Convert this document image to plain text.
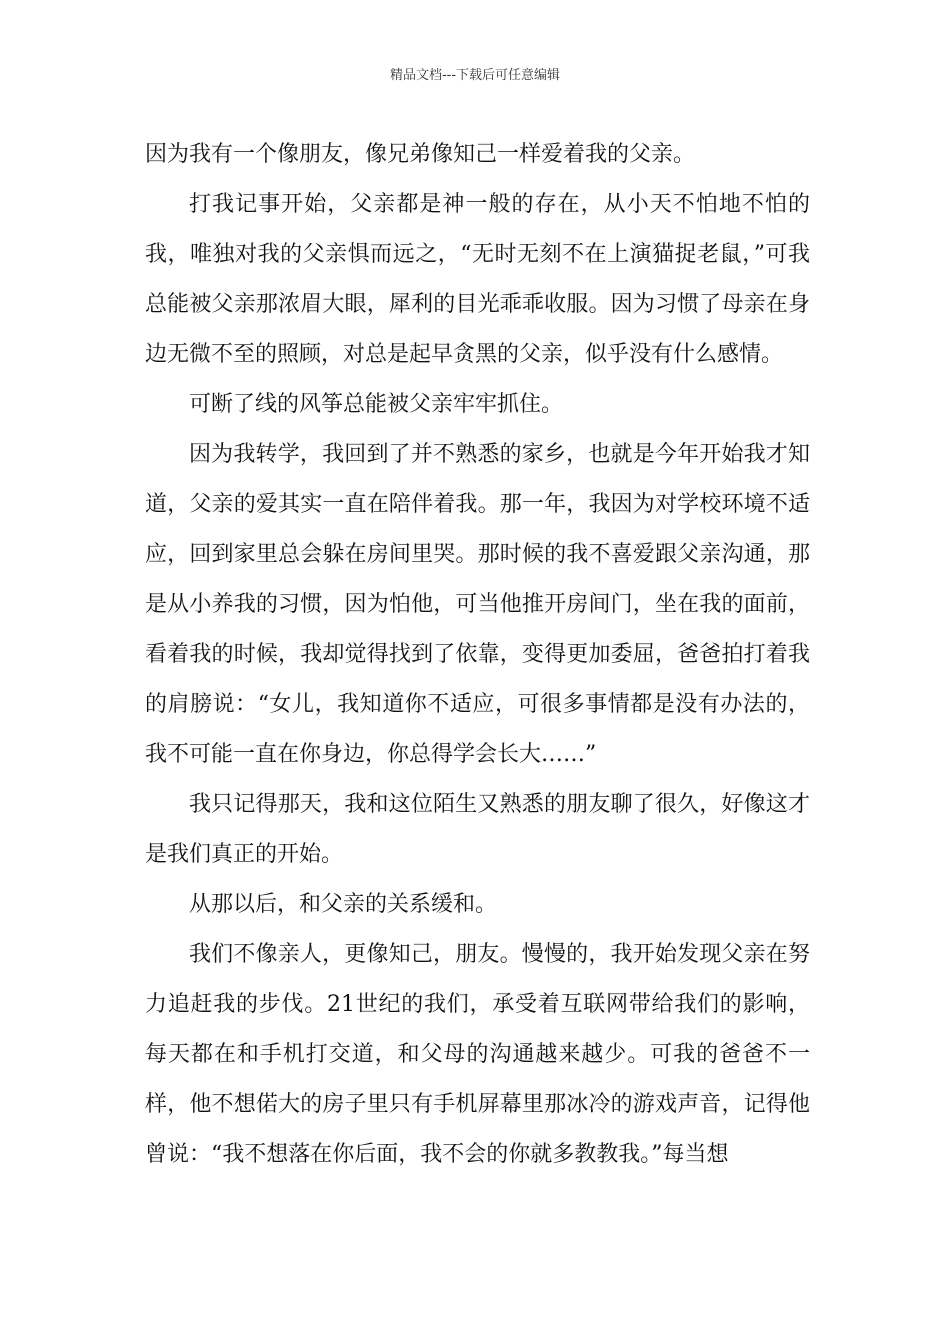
精品文档---下载后可任意编辑

因为我有一个像朋友，像兄弟像知己一样爱着我的父亲。

打我记事开始，父亲都是神一般的存在，从小天不怕地不怕的我，唯独对我的父亲惧而远之，“无时无刻不在上演猫捉老鼠，”可我总能被父亲那浓眉大眼，犀利的目光乖乖收服。因为习惯了母亲在身边无微不至的照顾，对总是起早贪黑的父亲，似乎没有什么感情。

可断了线的风筝总能被父亲牢牢抓住。

因为我转学，我回到了并不熟悉的家乡，也就是今年开始我才知道，父亲的爱其实一直在陪伴着我。那一年，我因为对学校环境不适应，回到家里总会躲在房间里哭。那时候的我不喜爱跟父亲沟通，那是从小养我的习惯，因为怕他，可当他推开房间门，坐在我的面前，看着我的时候，我却觉得找到了依靠，变得更加委屈，爸爸拍打着我的肩膀说：“女儿，我知道你不适应，可很多事情都是没有办法的，我不可能一直在你身边，你总得学会长大……”

我只记得那天，我和这位陌生又熟悉的朋友聊了很久，好像这才是我们真正的开始。

从那以后，和父亲的关系缓和。

我们不像亲人，更像知己，朋友。慢慢的，我开始发现父亲在努力追赶我的步伐。21世纪的我们，承受着互联网带给我们的影响，每天都在和手机打交道，和父母的沟通越来越少。可我的爸爸不一样，他不想偌大的房子里只有手机屏幕里那冰冷的游戏声音，记得他曾说：“我不想落在你后面，我不会的你就多教教我。”每当想
